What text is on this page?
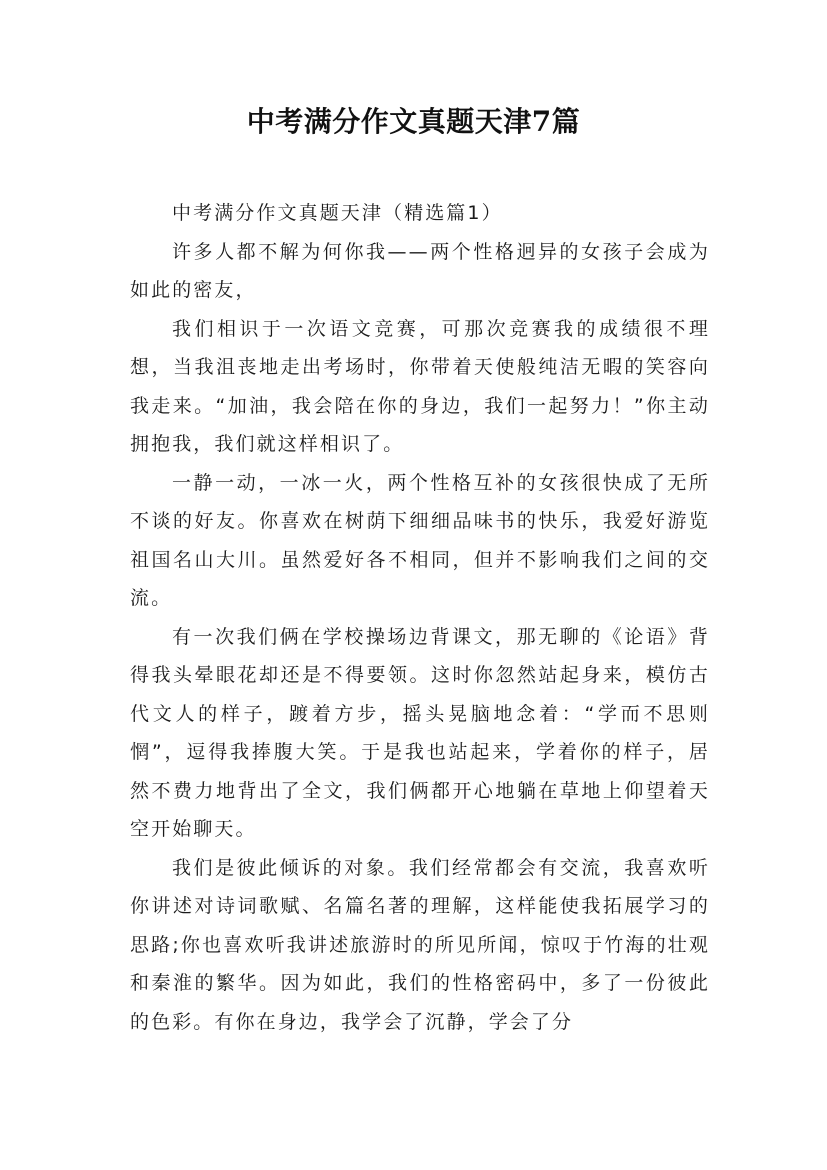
中考满分作文真题天津7篇

中考满分作文真题天津（精选篇1）

许多人都不解为何你我——两个性格迥异的女孩子会成为如此的密友，

我们相识于一次语文竞赛，可那次竞赛我的成绩很不理想，当我沮丧地走出考场时，你带着天使般纯洁无暇的笑容向我走来。“加油，我会陪在你的身边，我们一起努力！”你主动拥抱我，我们就这样相识了。

一静一动，一冰一火，两个性格互补的女孩很快成了无所不谈的好友。你喜欢在树荫下细细品味书的快乐，我爱好游览祖国名山大川。虽然爱好各不相同，但并不影响我们之间的交流。

有一次我们俩在学校操场边背课文，那无聊的《论语》背得我头晕眼花却还是不得要领。这时你忽然站起身来，模仿古代文人的样子，踱着方步，摇头晃脑地念着：“学而不思则惘”，逗得我捧腹大笑。于是我也站起来，学着你的样子，居然不费力地背出了全文，我们俩都开心地躺在草地上仰望着天空开始聊天。

我们是彼此倾诉的对象。我们经常都会有交流，我喜欢听你讲述对诗词歌赋、名篇名著的理解，这样能使我拓展学习的思路;你也喜欢听我讲述旅游时的所见所闻，惊叹于竹海的壮观和秦淮的繁华。因为如此，我们的性格密码中，多了一份彼此的色彩。有你在身边，我学会了沉静，学会了分
